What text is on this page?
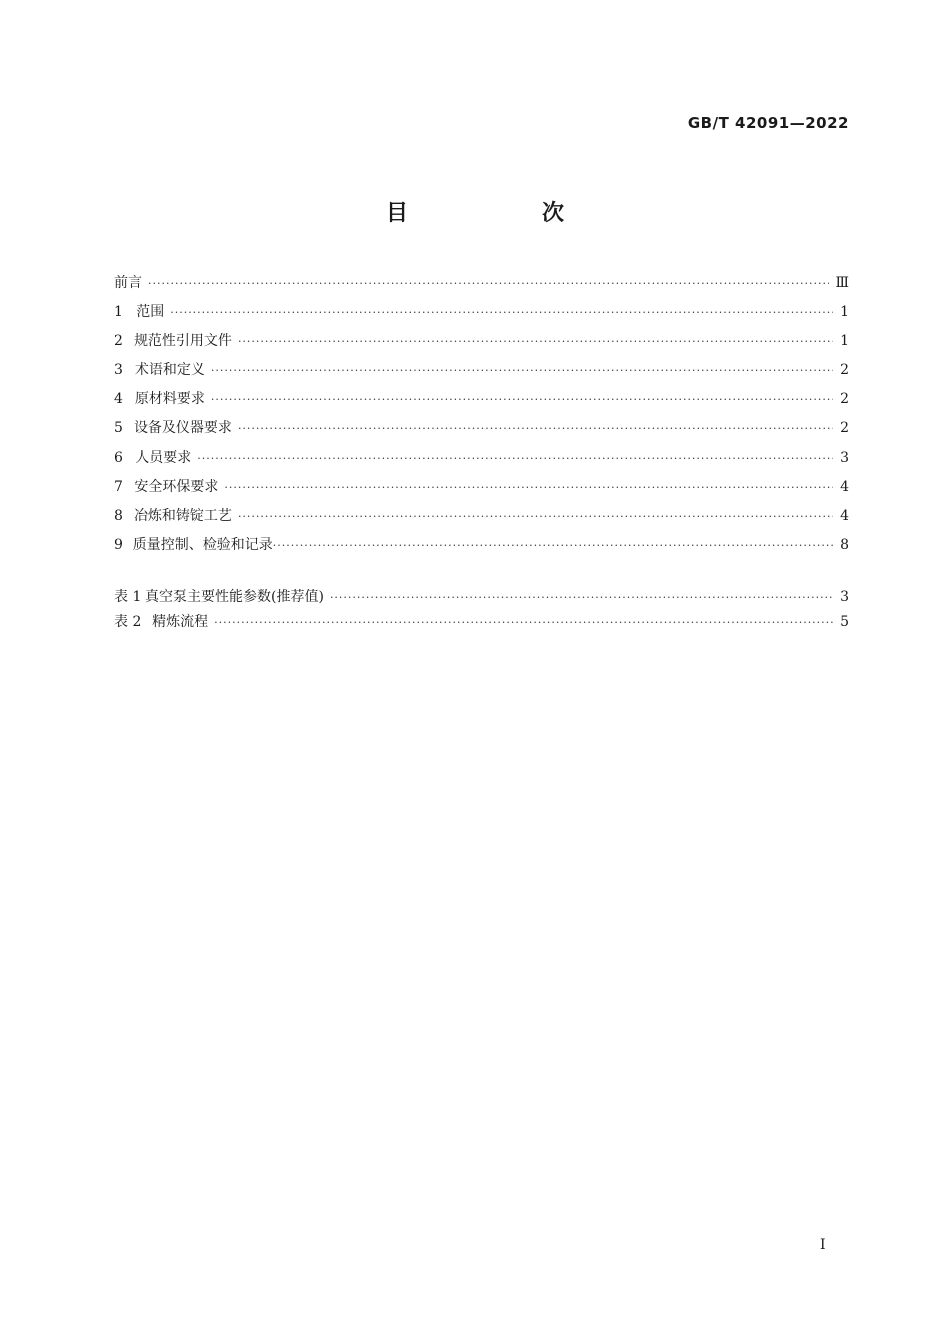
GB/T 42091—2022
目　次
前言 ·····	Ⅲ
1 范围 ·····	1
2 规范性引用文件 ·····	1
3 术语和定义 ·····	2
4 原材料要求 ·····	2
5 设备及仪器要求 ·····	2
6 人员要求 ·····	3
7 安全环保要求 ·····	4
8 冶炼和铸锭工艺 ·····	4
9 质量控制、检验和记录 ·····	8
表 1 真空泵主要性能参数(推荐值) ·····	3
表 2 精炼流程 ·····	5
I
